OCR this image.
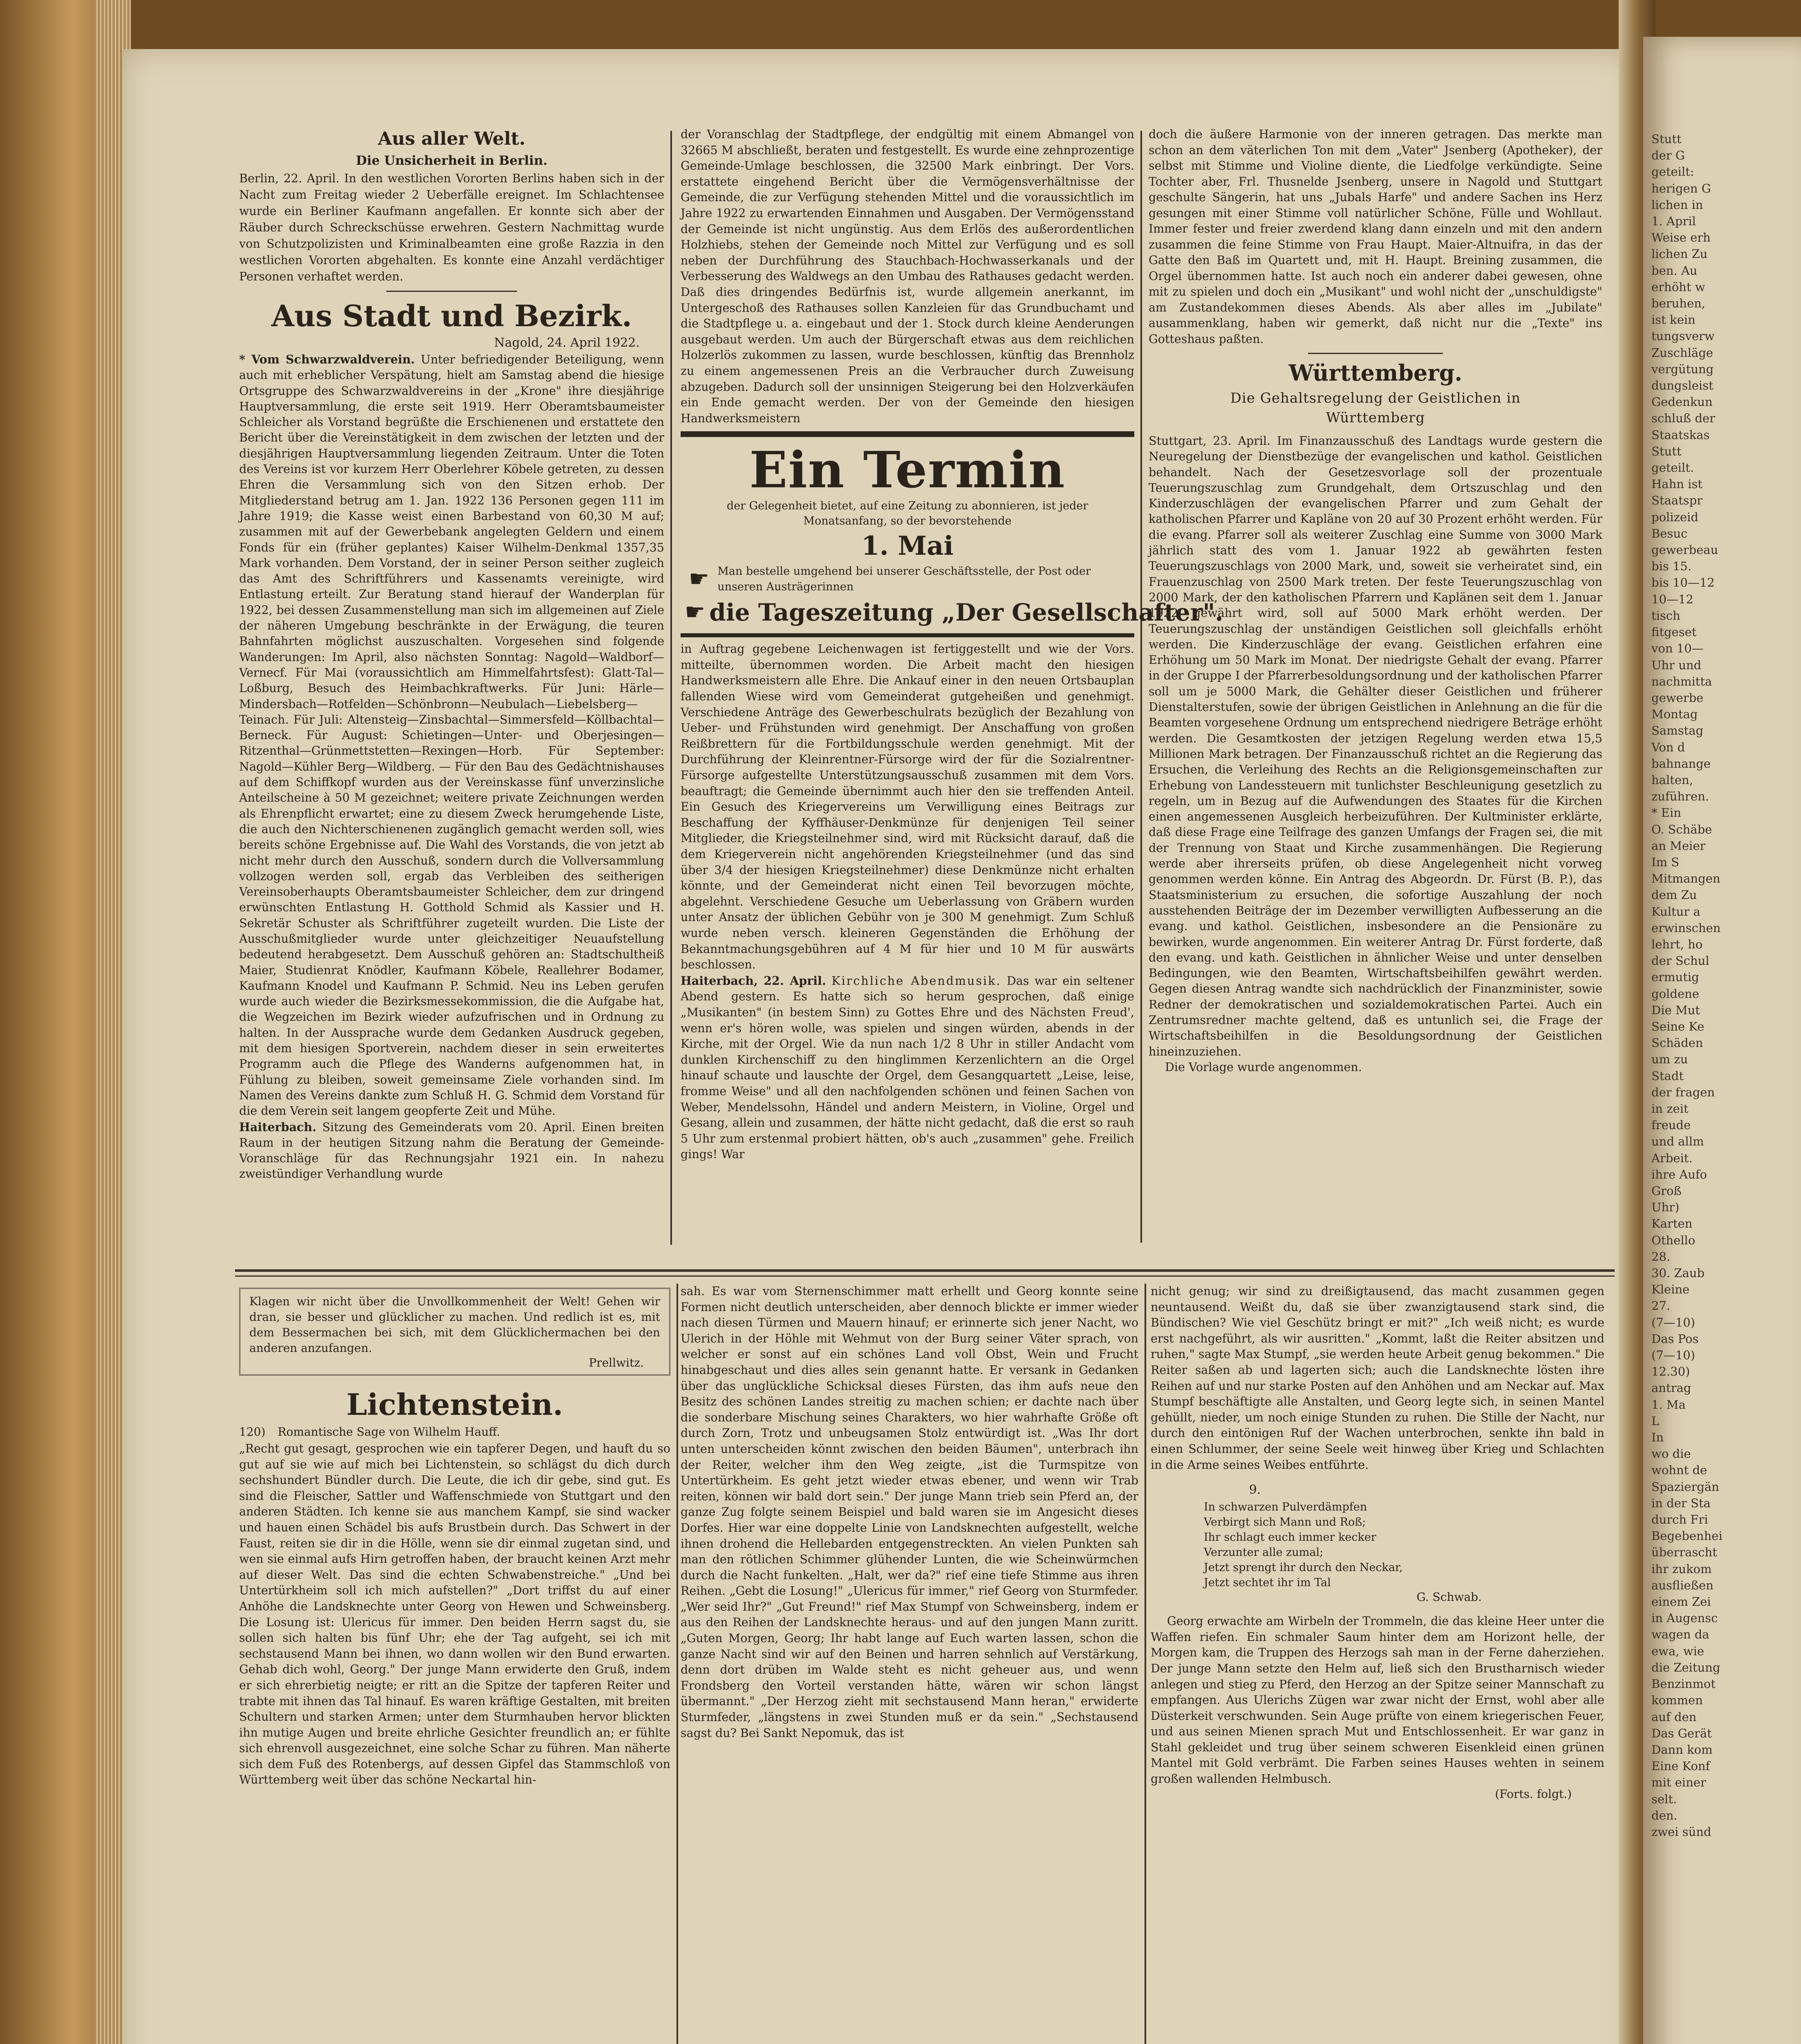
Stutt
der G
geteilt:
herigen G
lichen in
1. April
Weise erh
lichen Zu
ben. Au
erhöht w
beruhen,
ist kein
tungsverw
Zuschläge
vergütung
dungsleist
Gedenkun
schluß der
Staatskas
Stutt
geteilt.
Hahn ist
Staatspr
polizeid
Besuc
gewerbeau
bis 15.
bis 10—12
10—12
tisch
fitgeset
von 10—
Uhr und
nachmitta
gewerbe
Montag
Samstag
Von d
bahnange
halten,
zuführen.
* Ein
O. Schäbe
an Meier
Im S
Mitmangen
dem Zu
Kultur a
erwinschen
lehrt, ho
der Schul
ermutig
goldene
Die Mut
Seine Ke
Schäden
um zu
Stadt
der fragen
in zeit
freude
und allm
Arbeit.
ihre Aufo
Groß
Uhr)
Karten
Othello
28.
30. Zaub
Kleine
27.
(7—10)
Das Pos
(7—10)
12.30)
antrag
1. Ma
L
In
wo die
wohnt de
Spaziergän
in der Sta
durch Fri
Begebenhei
überrascht
ihr zukom
ausfließen
einem Zei
in Augensc
wagen da
ewa, wie
die Zeitung
Benzinmot
kommen
auf den
Das Gerät
Dann kom
Eine Konf
mit einer
selt.
den.
zwei sünd
Aus aller Welt.
Die Unsicherheit in Berlin.

Berlin, 22. April. In den westlichen Vororten Berlins haben sich in der Nacht zum Freitag wieder 2 Ueberfälle ereignet. Im Schlachtensee wurde ein Berliner Kaufmann angefallen. Er konnte sich aber der Räuber durch Schreckschüsse erwehren. Gestern Nachmittag wurde von Schutzpolizisten und Kriminalbeamten eine große Razzia in den westlichen Vororten abgehalten. Es konnte eine Anzahl verdächtiger Personen verhaftet werden.

Aus Stadt und Bezirk.
Nagold, 24. April 1922.

* Vom Schwarzwaldverein. Unter befriedigender Beteiligung, wenn auch mit erheblicher Verspätung, hielt am Samstag abend die hiesige Ortsgruppe des Schwarzwaldvereins in der „Krone" ihre diesjährige Hauptversammlung, die erste seit 1919. Herr Oberamtsbaumeister Schleicher als Vorstand begrüßte die Erschienenen und erstattete den Bericht über die Vereinstätigkeit in dem zwischen der letzten und der diesjährigen Hauptversammlung liegenden Zeitraum. Unter die Toten des Vereins ist vor kurzem Herr Oberlehrer Köbele getreten, zu dessen Ehren die Versammlung sich von den Sitzen erhob. Der Mitgliederstand betrug am 1. Jan. 1922 136 Personen gegen 111 im Jahre 1919; die Kasse weist einen Barbestand von 60,30 M auf; zusammen mit auf der Gewerbebank angelegten Geldern und einem Fonds für ein (früher geplantes) Kaiser Wilhelm-Denkmal 1357,35 Mark vorhanden. Dem Vorstand, der in seiner Person seither zugleich das Amt des Schriftführers und Kassenamts vereinigte, wird Entlastung erteilt. Zur Beratung stand hierauf der Wanderplan für 1922, bei dessen Zusammenstellung man sich im allgemeinen auf Ziele der näheren Umgebung beschränkte in der Erwägung, die teuren Bahnfahrten möglichst auszuschalten. Vorgesehen sind folgende Wanderungen: Im April, also nächsten Sonntag: Nagold—Waldborf—Vernecf. Für Mai (voraussichtlich am Himmelfahrtsfest): Glatt-Tal—Loßburg, Besuch des Heimbachkraftwerks. Für Juni: Härle—Mindersbach—Rotfelden—Schönbronn—Neubulach—Liebelsberg—Teinach. Für Juli: Altensteig—Zinsbachtal—Simmersfeld—Köllbachtal—Berneck. Für August: Schietingen—Unter- und Oberjesingen—Ritzenthal—Grünmettstetten—Rexingen—Horb. Für September: Nagold—Kühler Berg—Wildberg. — Für den Bau des Gedächtnishauses auf dem Schiffkopf wurden aus der Vereinskasse fünf unverzinsliche Anteilscheine à 50 M gezeichnet; weitere private Zeichnungen werden als Ehrenpflicht erwartet; eine zu diesem Zweck herumgehende Liste, die auch den Nichterschienenen zugänglich gemacht werden soll, wies bereits schöne Ergebnisse auf. Die Wahl des Vorstands, die von jetzt ab nicht mehr durch den Ausschuß, sondern durch die Vollversammlung vollzogen werden soll, ergab das Verbleiben des seitherigen Vereinsoberhaupts Oberamtsbaumeister Schleicher, dem zur dringend erwünschten Entlastung H. Gotthold Schmid als Kassier und H. Sekretär Schuster als Schriftführer zugeteilt wurden. Die Liste der Ausschußmitglieder wurde unter gleichzeitiger Neuaufstellung bedeutend herabgesetzt. Dem Ausschuß gehören an: Stadtschultheiß Maier, Studienrat Knödler, Kaufmann Köbele, Reallehrer Bodamer, Kaufmann Knodel und Kaufmann P. Schmid. Neu ins Leben gerufen wurde auch wieder die Bezirksmessekommission, die die Aufgabe hat, die Wegzeichen im Bezirk wieder aufzufrischen und in Ordnung zu halten. In der Aussprache wurde dem Gedanken Ausdruck gegeben, mit dem hiesigen Sportverein, nachdem dieser in sein erweitertes Programm auch die Pflege des Wanderns aufgenommen hat, in Fühlung zu bleiben, soweit gemeinsame Ziele vorhanden sind. Im Namen des Vereins dankte zum Schluß H. G. Schmid dem Vorstand für die dem Verein seit langem geopferte Zeit und Mühe.

Haiterbach. Sitzung des Gemeinderats vom 20. April. Einen breiten Raum in der heutigen Sitzung nahm die Beratung der Gemeinde-Voranschläge für das Rechnungsjahr 1921 ein. In nahezu zweistündiger Verhandlung wurde

der Voranschlag der Stadtpflege, der endgültig mit einem Abmangel von 32665 M abschließt, beraten und festgestellt. Es wurde eine zehnprozentige Gemeinde-Umlage beschlossen, die 32500 Mark einbringt. Der Vors. erstattete eingehend Bericht über die Vermögensverhältnisse der Gemeinde, die zur Verfügung stehenden Mittel und die voraussichtlich im Jahre 1922 zu erwartenden Einnahmen und Ausgaben. Der Vermögensstand der Gemeinde ist nicht ungünstig. Aus dem Erlös des außerordentlichen Holzhiebs, stehen der Gemeinde noch Mittel zur Verfügung und es soll neben der Durchführung des Stauchbach-Hochwasserkanals und der Verbesserung des Waldwegs an den Umbau des Rathauses gedacht werden. Daß dies dringendes Bedürfnis ist, wurde allgemein anerkannt, im Untergeschoß des Rathauses sollen Kanzleien für das Grundbuchamt und die Stadtpflege u. a. eingebaut und der 1. Stock durch kleine Aenderungen ausgebaut werden. Um auch der Bürgerschaft etwas aus dem reichlichen Holzerlös zukommen zu lassen, wurde beschlossen, künftig das Brennholz zu einem angemessenen Preis an die Verbraucher durch Zuweisung abzugeben. Dadurch soll der unsinnigen Steigerung bei den Holzverkäufen ein Ende gemacht werden. Der von der Gemeinde den hiesigen Handwerksmeistern

Ein Termin
der Gelegenheit bietet, auf eine Zeitung zu abonnieren, ist jeder Monatsanfang, so der bevorstehende
1. Mai
☛ Man bestelle umgehend bei unserer Geschäftsstelle, der Post oder unseren Austrägerinnen
☛ die Tageszeitung „Der Gesellschafter".

in Auftrag gegebene Leichenwagen ist fertiggestellt und wie der Vors. mitteilte, übernommen worden. Die Arbeit macht den hiesigen Handwerksmeistern alle Ehre. Die Ankauf einer in den neuen Ortsbauplan fallenden Wiese wird vom Gemeinderat gutgeheißen und genehmigt. Verschiedene Anträge des Gewerbeschulrats bezüglich der Bezahlung von Ueber- und Frühstunden wird genehmigt. Der Anschaffung von großen Reißbrettern für die Fortbildungsschule werden genehmigt. Mit der Durchführung der Kleinrentner-Fürsorge wird der für die Sozialrentner-Fürsorge aufgestellte Unterstützungsausschuß zusammen mit dem Vors. beauftragt; die Gemeinde übernimmt auch hier den sie treffenden Anteil. Ein Gesuch des Kriegervereins um Verwilligung eines Beitrags zur Beschaffung der Kyffhäuser-Denkmünze für denjenigen Teil seiner Mitglieder, die Kriegsteilnehmer sind, wird mit Rücksicht darauf, daß die dem Kriegerverein nicht angehörenden Kriegsteilnehmer (und das sind über 3/4 der hiesigen Kriegsteilnehmer) diese Denkmünze nicht erhalten könnte, und der Gemeinderat nicht einen Teil bevorzugen möchte, abgelehnt. Verschiedene Gesuche um Ueberlassung von Gräbern wurden unter Ansatz der üblichen Gebühr von je 300 M genehmigt. Zum Schluß wurde neben versch. kleineren Gegenständen die Erhöhung der Bekanntmachungsgebühren auf 4 M für hier und 10 M für auswärts beschlossen.

Haiterbach, 22. April. Kirchliche Abendmusik. Das war ein seltener Abend gestern. Es hatte sich so herum gesprochen, daß einige „Musikanten" (in bestem Sinn) zu Gottes Ehre und des Nächsten Freud', wenn er's hören wolle, was spielen und singen würden, abends in der Kirche, mit der Orgel. Wie da nun nach 1/2 8 Uhr in stiller Andacht vom dunklen Kirchenschiff zu den hinglimmen Kerzenlichtern an die Orgel hinauf schaute und lauschte der Orgel, dem Gesangquartett „Leise, leise, fromme Weise" und all den nachfolgenden schönen und feinen Sachen von Weber, Mendelssohn, Händel und andern Meistern, in Violine, Orgel und Gesang, allein und zusammen, der hätte nicht gedacht, daß die erst so rauh 5 Uhr zum erstenmal probiert hätten, ob's auch „zusammen" gehe. Freilich gings! War

doch die äußere Harmonie von der inneren getragen. Das merkte man schon an dem väterlichen Ton mit dem „Vater" Jsenberg (Apotheker), der selbst mit Stimme und Violine diente, die Liedfolge verkündigte. Seine Tochter aber, Frl. Thusnelde Jsenberg, unsere in Nagold und Stuttgart geschulte Sängerin, hat uns „Jubals Harfe" und andere Sachen ins Herz gesungen mit einer Stimme voll natürlicher Schöne, Fülle und Wohllaut. Immer fester und freier zwerdend klang dann einzeln und mit den andern zusammen die feine Stimme von Frau Haupt. Maier-Altnuifra, in das der Gatte den Baß im Quartett und, mit H. Haupt. Breining zusammen, die Orgel übernommen hatte. Ist auch noch ein anderer dabei gewesen, ohne mit zu spielen und doch ein „Musikant" und wohl nicht der „unschuldigste" am Zustandekommen dieses Abends. Als aber alles im „Jubilate" ausammenklang, haben wir gemerkt, daß nicht nur die „Texte" ins Gotteshaus paßten.

Württemberg.
Die Gehaltsregelung der Geistlichen in Württemberg

Stuttgart, 23. April. Im Finanzausschuß des Landtags wurde gestern die Neuregelung der Dienstbezüge der evangelischen und kathol. Geistlichen behandelt. Nach der Gesetzesvorlage soll der prozentuale Teuerungszuschlag zum Grundgehalt, dem Ortszuschlag und den Kinderzuschlägen der evangelischen Pfarrer und zum Gehalt der katholischen Pfarrer und Kapläne von 20 auf 30 Prozent erhöht werden. Für die evang. Pfarrer soll als weiterer Zuschlag eine Summe von 3000 Mark jährlich statt des vom 1. Januar 1922 ab gewährten festen Teuerungszuschlags von 2000 Mark, und, soweit sie verheiratet sind, ein Frauenzuschlag von 2500 Mark treten. Der feste Teuerungszuschlag von 2000 Mark, der den katholischen Pfarrern und Kaplänen seit dem 1. Januar 1922 gewährt wird, soll auf 5000 Mark erhöht werden. Der Teuerungszuschlag der unständigen Geistlichen soll gleichfalls erhöht werden. Die Kinderzuschläge der evang. Geistlichen erfahren eine Erhöhung um 50 Mark im Monat. Der niedrigste Gehalt der evang. Pfarrer in der Gruppe I der Pfarrerbesoldungsordnung und der katholischen Pfarrer soll um je 5000 Mark, die Gehälter dieser Geistlichen und früherer Dienstalterstufen, sowie der übrigen Geistlichen in Anlehnung an die für die Beamten vorgesehene Ordnung um entsprechend niedrigere Beträge erhöht werden. Die Gesamtkosten der jetzigen Regelung werden etwa 15,5 Millionen Mark betragen. Der Finanzausschuß richtet an die Regierung das Ersuchen, die Verleihung des Rechts an die Religionsgemeinschaften zur Erhebung von Landessteuern mit tunlichster Beschleunigung gesetzlich zu regeln, um in Bezug auf die Aufwendungen des Staates für die Kirchen einen angemessenen Ausgleich herbeizuführen. Der Kultminister erklärte, daß diese Frage eine Teilfrage des ganzen Umfangs der Fragen sei, die mit der Trennung von Staat und Kirche zusammenhängen. Die Regierung werde aber ihrerseits prüfen, ob diese Angelegenheit nicht vorweg genommen werden könne. Ein Antrag des Abgeordn. Dr. Fürst (B. P.), das Staatsministerium zu ersuchen, die sofortige Auszahlung der noch ausstehenden Beiträge der im Dezember verwilligten Aufbesserung an die evang. und kathol. Geistlichen, insbesondere an die Pensionäre zu bewirken, wurde angenommen. Ein weiterer Antrag Dr. Fürst forderte, daß den evang. und kath. Geistlichen in ähnlicher Weise und unter denselben Bedingungen, wie den Beamten, Wirtschaftsbeihilfen gewährt werden. Gegen diesen Antrag wandte sich nachdrücklich der Finanzminister, sowie Redner der demokratischen und sozialdemokratischen Partei. Auch ein Zentrumsredner machte geltend, daß es untunlich sei, die Frage der Wirtschaftsbeihilfen in die Besoldungsordnung der Geistlichen hineinzuziehen.

Die Vorlage wurde angenommen.

Klagen wir nicht über die Unvollkommenheit der Welt! Gehen wir dran, sie besser und glücklicher zu machen. Und redlich ist es, mit dem Bessermachen bei sich, mit dem Glücklichermachen bei den anderen anzufangen.

Prellwitz.
Lichtenstein.
120) Romantische Sage von Wilhelm Hauff.

„Recht gut gesagt, gesprochen wie ein tapferer Degen, und hauft du so gut auf sie wie auf mich bei Lichtenstein, so schlägst du dich durch sechshundert Bündler durch. Die Leute, die ich dir gebe, sind gut. Es sind die Fleischer, Sattler und Waffenschmiede von Stuttgart und den anderen Städten. Ich kenne sie aus manchem Kampf, sie sind wacker und hauen einen Schädel bis aufs Brustbein durch. Das Schwert in der Faust, reiten sie dir in die Hölle, wenn sie dir einmal zugetan sind, und wen sie einmal aufs Hirn getroffen haben, der braucht keinen Arzt mehr auf dieser Welt. Das sind die echten Schwabenstreiche." „Und bei Untertürkheim soll ich mich aufstellen?" „Dort triffst du auf einer Anhöhe die Landsknechte unter Georg von Hewen und Schweinsberg. Die Losung ist: Ulericus für immer. Den beiden Herrn sagst du, sie sollen sich halten bis fünf Uhr; ehe der Tag aufgeht, sei ich mit sechstausend Mann bei ihnen, wo dann wollen wir den Bund erwarten. Gehab dich wohl, Georg." Der junge Mann erwiderte den Gruß, indem er sich ehrerbietig neigte; er ritt an die Spitze der tapferen Reiter und trabte mit ihnen das Tal hinauf. Es waren kräftige Gestalten, mit breiten Schultern und starken Armen; unter dem Sturmhauben hervor blickten ihn mutige Augen und breite ehrliche Gesichter freundlich an; er fühlte sich ehrenvoll ausgezeichnet, eine solche Schar zu führen. Man näherte sich dem Fuß des Rotenbergs, auf dessen Gipfel das Stammschloß von Württemberg weit über das schöne Neckartal hin-

sah. Es war vom Sternenschimmer matt erhellt und Georg konnte seine Formen nicht deutlich unterscheiden, aber dennoch blickte er immer wieder nach diesen Türmen und Mauern hinauf; er erinnerte sich jener Nacht, wo Ulerich in der Höhle mit Wehmut von der Burg seiner Väter sprach, von welcher er sonst auf ein schönes Land voll Obst, Wein und Frucht hinabgeschaut und dies alles sein genannt hatte. Er versank in Gedanken über das unglückliche Schicksal dieses Fürsten, das ihm aufs neue den Besitz des schönen Landes streitig zu machen schien; er dachte nach über die sonderbare Mischung seines Charakters, wo hier wahrhafte Größe oft durch Zorn, Trotz und unbeugsamen Stolz entwürdigt ist. „Was Ihr dort unten unterscheiden könnt zwischen den beiden Bäumen", unterbrach ihn der Reiter, welcher ihm den Weg zeigte, „ist die Turmspitze von Untertürkheim. Es geht jetzt wieder etwas ebener, und wenn wir Trab reiten, können wir bald dort sein." Der junge Mann trieb sein Pferd an, der ganze Zug folgte seinem Beispiel und bald waren sie im Angesicht dieses Dorfes. Hier war eine doppelte Linie von Landsknechten aufgestellt, welche ihnen drohend die Hellebarden entgegenstreckten. An vielen Punkten sah man den rötlichen Schimmer glühender Lunten, die wie Scheinwürmchen durch die Nacht funkelten. „Halt, wer da?" rief eine tiefe Stimme aus ihren Reihen. „Gebt die Losung!" „Ulericus für immer," rief Georg von Sturmfeder. „Wer seid Ihr?" „Gut Freund!" rief Max Stumpf von Schweinsberg, indem er aus den Reihen der Landsknechte heraus- und auf den jungen Mann zuritt. „Guten Morgen, Georg; Ihr habt lange auf Euch warten lassen, schon die ganze Nacht sind wir auf den Beinen und harren sehnlich auf Verstärkung, denn dort drüben im Walde steht es nicht geheuer aus, und wenn Frondsberg den Vorteil verstanden hätte, wären wir schon längst übermannt." „Der Herzog zieht mit sechstausend Mann heran," erwiderte Sturmfeder, „längstens in zwei Stunden muß er da sein." „Sechstausend sagst du? Bei Sankt Nepomuk, das ist

nicht genug; wir sind zu dreißigtausend, das macht zusammen gegen neuntausend. Weißt du, daß sie über zwanzigtausend stark sind, die Bündischen? Wie viel Geschütz bringt er mit?" „Ich weiß nicht; es wurde erst nachgeführt, als wir ausritten." „Kommt, laßt die Reiter absitzen und ruhen," sagte Max Stumpf, „sie werden heute Arbeit genug bekommen." Die Reiter saßen ab und lagerten sich; auch die Landsknechte lösten ihre Reihen auf und nur starke Posten auf den Anhöhen und am Neckar auf. Max Stumpf beschäftigte alle Anstalten, und Georg legte sich, in seinen Mantel gehüllt, nieder, um noch einige Stunden zu ruhen. Die Stille der Nacht, nur durch den eintönigen Ruf der Wachen unterbrochen, senkte ihn bald in einen Schlummer, der seine Seele weit hinweg über Krieg und Schlachten in die Arme seines Weibes entführte.

9.
In schwarzen Pulverdämpfen
Verbirgt sich Mann und Roß;
Ihr schlagt euch immer kecker
Verzunter alle zumal;
Jetzt sprengt ihr durch den Neckar,
Jetzt sechtet ihr im Tal
G. Schwab.

Georg erwachte am Wirbeln der Trommeln, die das kleine Heer unter die Waffen riefen. Ein schmaler Saum hinter dem am Horizont helle, der Morgen kam, die Truppen des Herzogs sah man in der Ferne daherziehen. Der junge Mann setzte den Helm auf, ließ sich den Brustharnisch wieder anlegen und stieg zu Pferd, den Herzog an der Spitze seiner Mannschaft zu empfangen. Aus Ulerichs Zügen war zwar nicht der Ernst, wohl aber alle Düsterkeit verschwunden. Sein Auge prüfte von einem kriegerischen Feuer, und aus seinen Mienen sprach Mut und Entschlossenheit. Er war ganz in Stahl gekleidet und trug über seinem schweren Eisenkleid einen grünen Mantel mit Gold verbrämt. Die Farben seines Hauses wehten in seinem großen wallenden Helmbusch.

(Forts. folgt.)
